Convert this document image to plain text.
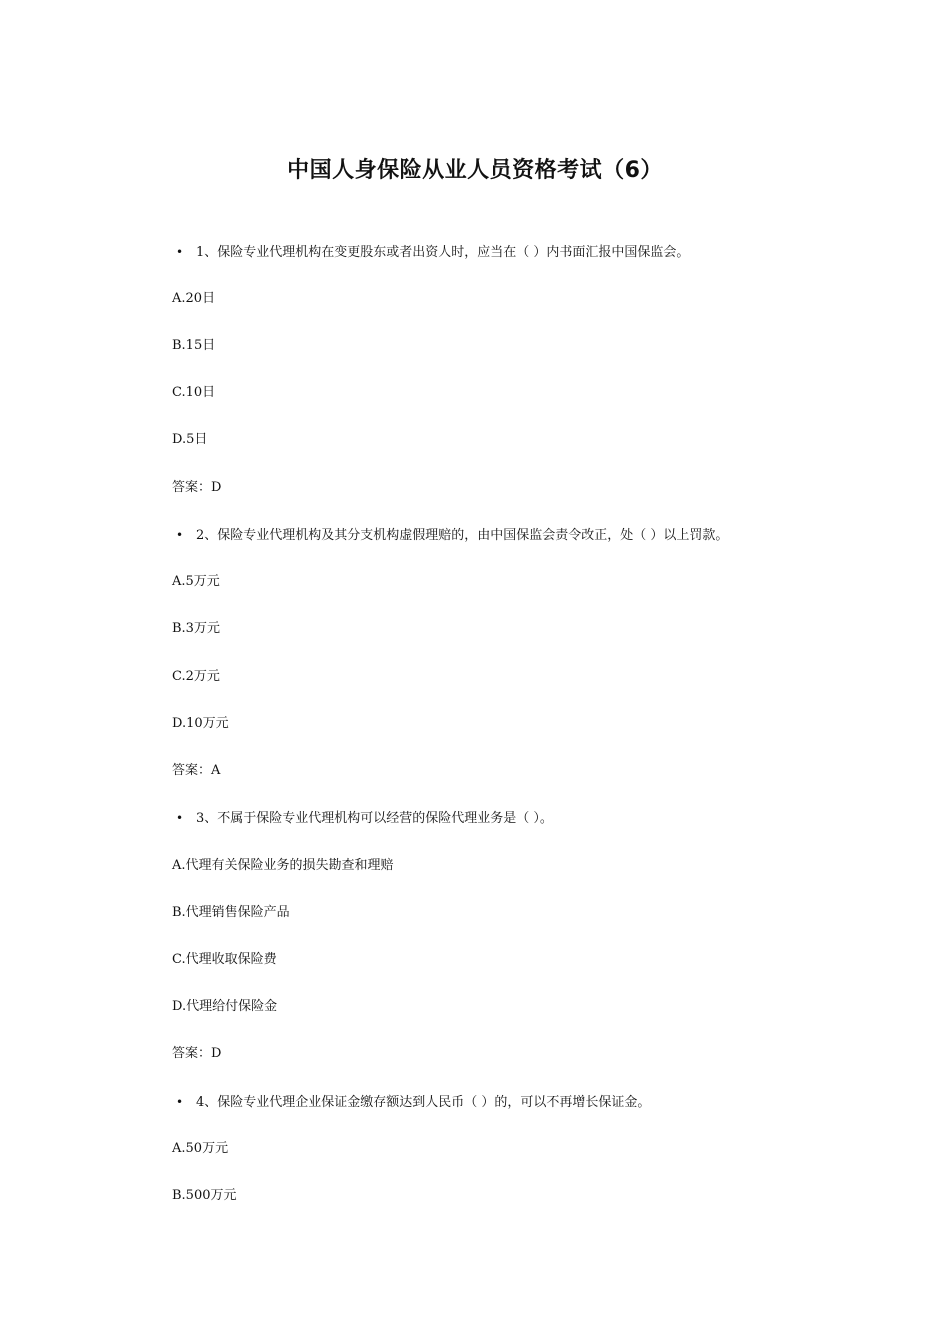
中国人身保险从业人员资格考试（6）
• 1、保险专业代理机构在变更股东或者出资人时，应当在（ ）内书面汇报中国保监会。
A.20日
B.15日
C.10日
D.5日
答案：D
• 2、保险专业代理机构及其分支机构虚假理赔的，由中国保监会责令改正，处（ ）以上罚款。
A.5万元
B.3万元
C.2万元
D.10万元
答案：A
• 3、不属于保险专业代理机构可以经营的保险代理业务是（ ）。
A.代理有关保险业务的损失勘查和理赔
B.代理销售保险产品
C.代理收取保险费
D.代理给付保险金
答案：D
• 4、保险专业代理企业保证金缴存额达到人民币（ ）的，可以不再增长保证金。
A.50万元
B.500万元
